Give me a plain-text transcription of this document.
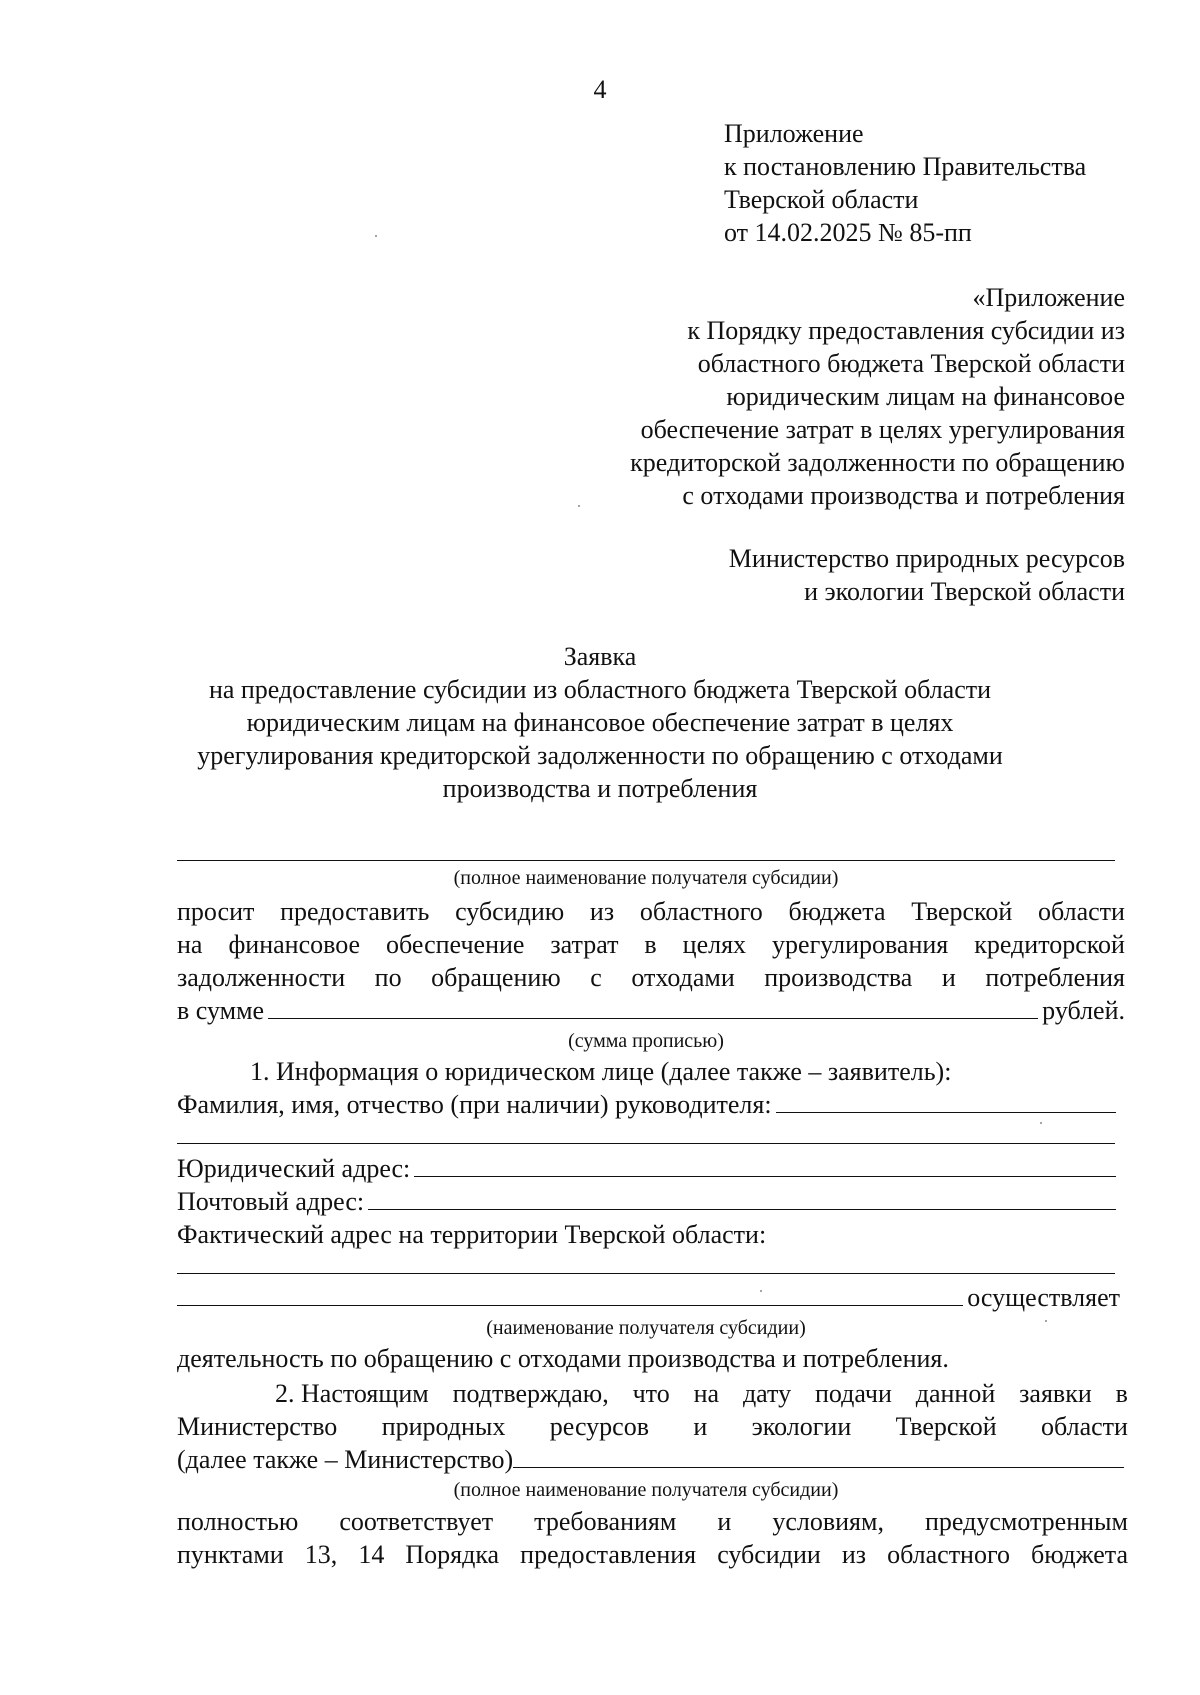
4
Приложение
к постановлению Правительства
Тверской области
от 14.02.2025 № 85-пп
«Приложение
к Порядку предоставления субсидии из
областного бюджета Тверской области
юридическим лицам на финансовое
обеспечение затрат в целях урегулирования
кредиторской задолженности по обращению
с отходами производства и потребления
Министерство природных ресурсов
и экологии Тверской области
Заявка
на предоставление субсидии из областного бюджета Тверской области
юридическим лицам на финансовое обеспечение затрат в целях
урегулирования кредиторской задолженности по обращению с отходами
производства и потребления
(полное наименование получателя субсидии)
просит предоставить субсидию из областного бюджета Тверской области
на финансовое обеспечение затрат в целях урегулирования кредиторской
задолженности по обращению с отходами производства и потребления
в сумме	рублей.
(сумма прописью)
1. Информация о юридическом лице (далее также – заявитель):
Фамилия, имя, отчество (при наличии) руководителя:
Юридический адрес:
Почтовый адрес:
Фактический адрес на территории Тверской области:
осуществляет
(наименование получателя субсидии)
деятельность по обращению с отходами производства и потребления.
2. Настоящим подтверждаю, что на дату подачи данной заявки в
Министерство природных ресурсов и экологии Тверской области
(далее также – Министерство)
(полное наименование получателя субсидии)
полностью соответствует требованиям и условиям, предусмотренным
пунктами 13, 14 Порядка предоставления субсидии из областного бюджета
